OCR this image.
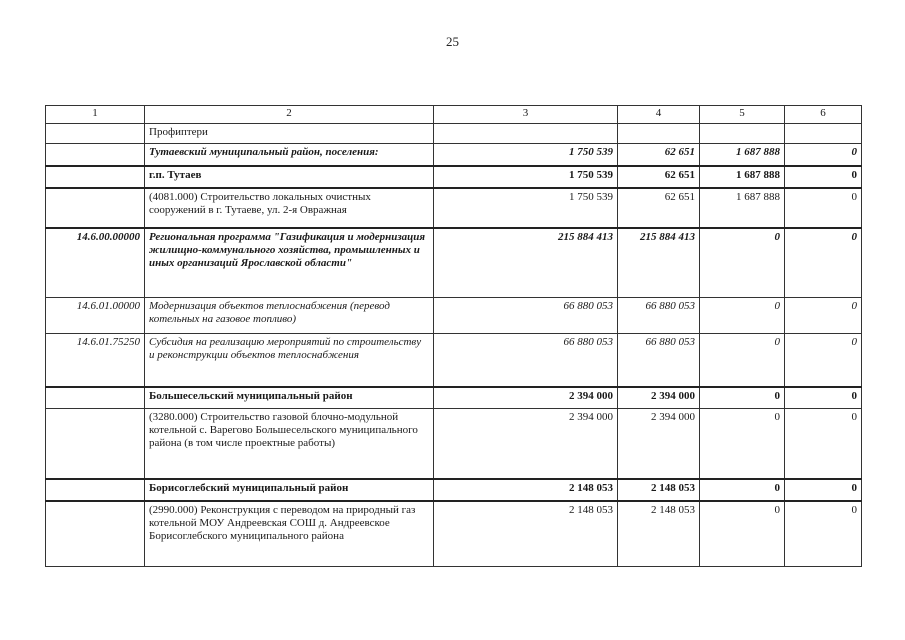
25
1	2	3	4	5	6
	Профиптери				
	Тутаевский муниципальный район, поселения:	1 750 539	62 651	1 687 888	0
	г.п. Тутаев	1 750 539	62 651	1 687 888	0
	(4081.000) Строительство локальных очистных сооружений в г. Тутаеве, ул. 2-я Овражная	1 750 539	62 651	1 687 888	0
14.6.00.00000	Региональная программа "Газификация и модернизация жилищно-коммунального хозяйства, промышленных и иных организаций Ярославской области"	215 884 413	215 884 413	0	0
14.6.01.00000	Модернизация объектов теплоснабжения (перевод котельных на газовое топливо)	66 880 053	66 880 053	0	0
14.6.01.75250	Субсидия на реализацию мероприятий по строительству и реконструкции объектов теплоснабжения	66 880 053	66 880 053	0	0
	Большесельский муниципальный район	2 394 000	2 394 000	0	0
	(3280.000) Строительство газовой блочно-модульной котельной с. Варегово Большесельского муниципального района (в том числе проектные работы)	2 394 000	2 394 000	0	0
	Борисоглебский муниципальный район	2 148 053	2 148 053	0	0
	(2990.000) Реконструкция с переводом на природный газ котельной МОУ Андреевская СОШ д. Андреевское Борисоглебского муниципального района	2 148 053	2 148 053	0	0
